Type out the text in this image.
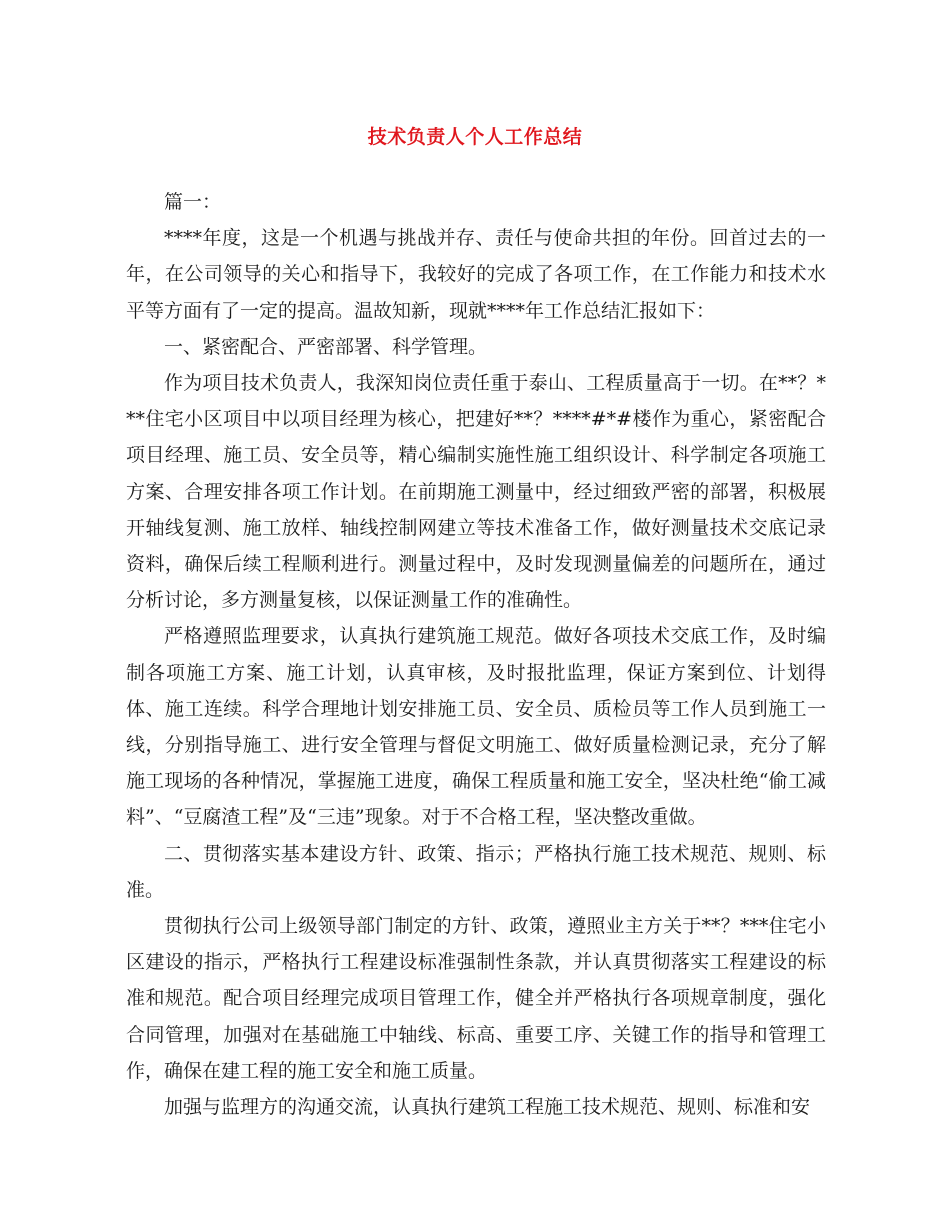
技术负责人个人工作总结

篇一：

****年度，这是一个机遇与挑战并存、责任与使命共担的年份。回首过去的一年，在公司领导的关心和指导下，我较好的完成了各项工作，在工作能力和技术水平等方面有了一定的提高。温故知新，现就****年工作总结汇报如下：

一、紧密配合、严密部署、科学管理。

作为项目技术负责人，我深知岗位责任重于泰山、工程质量高于一切。在**？***住宅小区项目中以项目经理为核心，把建好**？****#*#楼作为重心，紧密配合项目经理、施工员、安全员等，精心编制实施性施工组织设计、科学制定各项施工方案、合理安排各项工作计划。在前期施工测量中，经过细致严密的部署，积极展开轴线复测、施工放样、轴线控制网建立等技术准备工作，做好测量技术交底记录资料，确保后续工程顺利进行。测量过程中，及时发现测量偏差的问题所在，通过分析讨论，多方测量复核，以保证测量工作的准确性。

严格遵照监理要求，认真执行建筑施工规范。做好各项技术交底工作，及时编制各项施工方案、施工计划，认真审核，及时报批监理，保证方案到位、计划得体、施工连续。科学合理地计划安排施工员、安全员、质检员等工作人员到施工一线，分别指导施工、进行安全管理与督促文明施工、做好质量检测记录，充分了解施工现场的各种情况，掌握施工进度，确保工程质量和施工安全，坚决杜绝“偷工减料”、“豆腐渣工程”及“三违”现象。对于不合格工程，坚决整改重做。

二、贯彻落实基本建设方针、政策、指示；严格执行施工技术规范、规则、标准。

贯彻执行公司上级领导部门制定的方针、政策，遵照业主方关于**？***住宅小区建设的指示，严格执行工程建设标准强制性条款，并认真贯彻落实工程建设的标准和规范。配合项目经理完成项目管理工作，健全并严格执行各项规章制度，强化合同管理，加强对在基础施工中轴线、标高、重要工序、关键工作的指导和管理工作，确保在建工程的施工安全和施工质量。

加强与监理方的沟通交流，认真执行建筑工程施工技术规范、规则、标准和安
